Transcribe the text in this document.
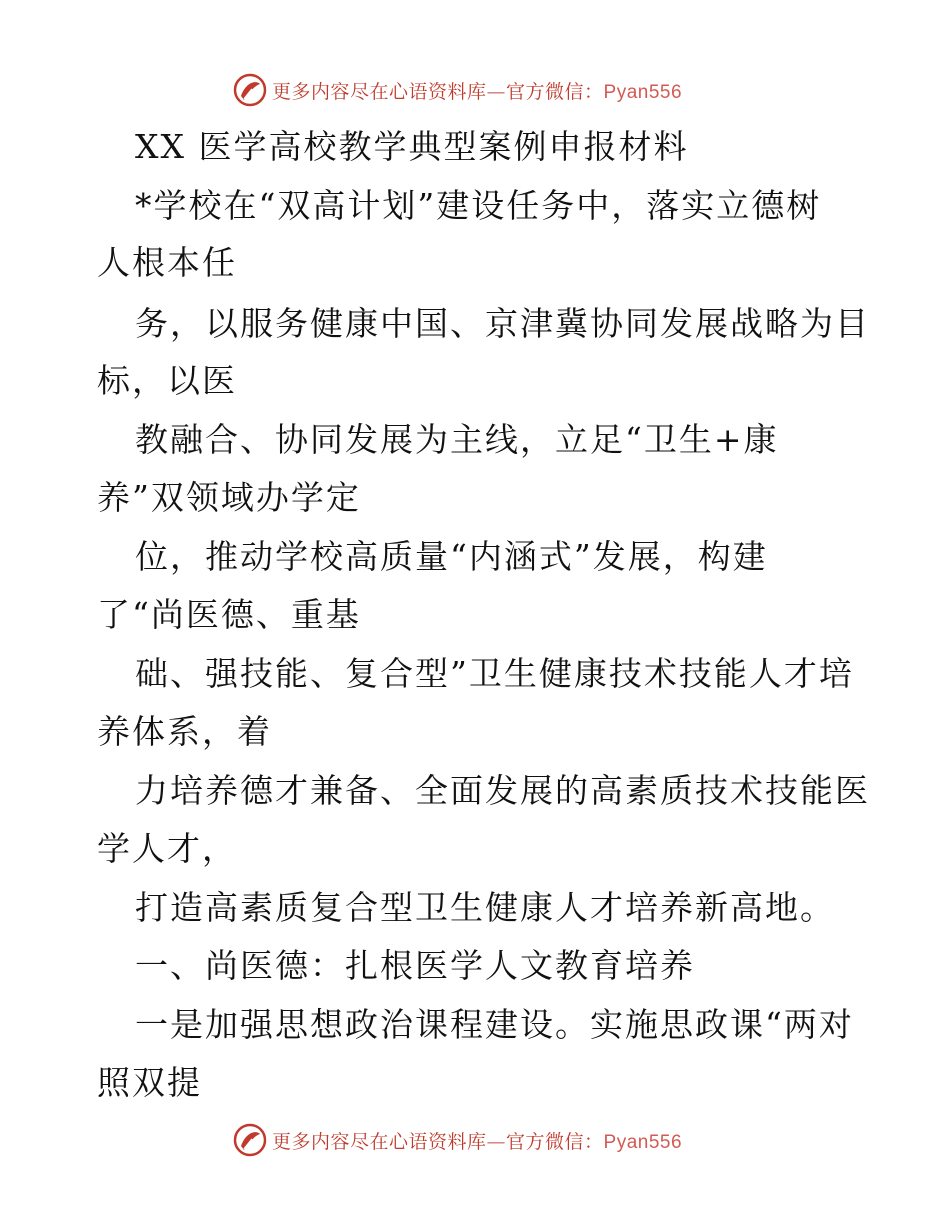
更多内容尽在心语资料库—官方微信：Pyan556
XX 医学高校教学典型案例申报材料
*学校在“双高计划”建设任务中，落实立德树
人根本任
务，以服务健康中国、京津冀协同发展战略为目
标，以医
教融合、协同发展为主线，立足“卫生+康
养”双领域办学定
位，推动学校高质量“内涵式”发展，构建
了“尚医德、重基
础、强技能、复合型”卫生健康技术技能人才培
养体系，着
力培养德才兼备、全面发展的高素质技术技能医
学人才，
打造高素质复合型卫生健康人才培养新高地。
一、尚医德：扎根医学人文教育培养
一是加强思想政治课程建设。实施思政课“两对
照双提
更多内容尽在心语资料库—官方微信：Pyan556
